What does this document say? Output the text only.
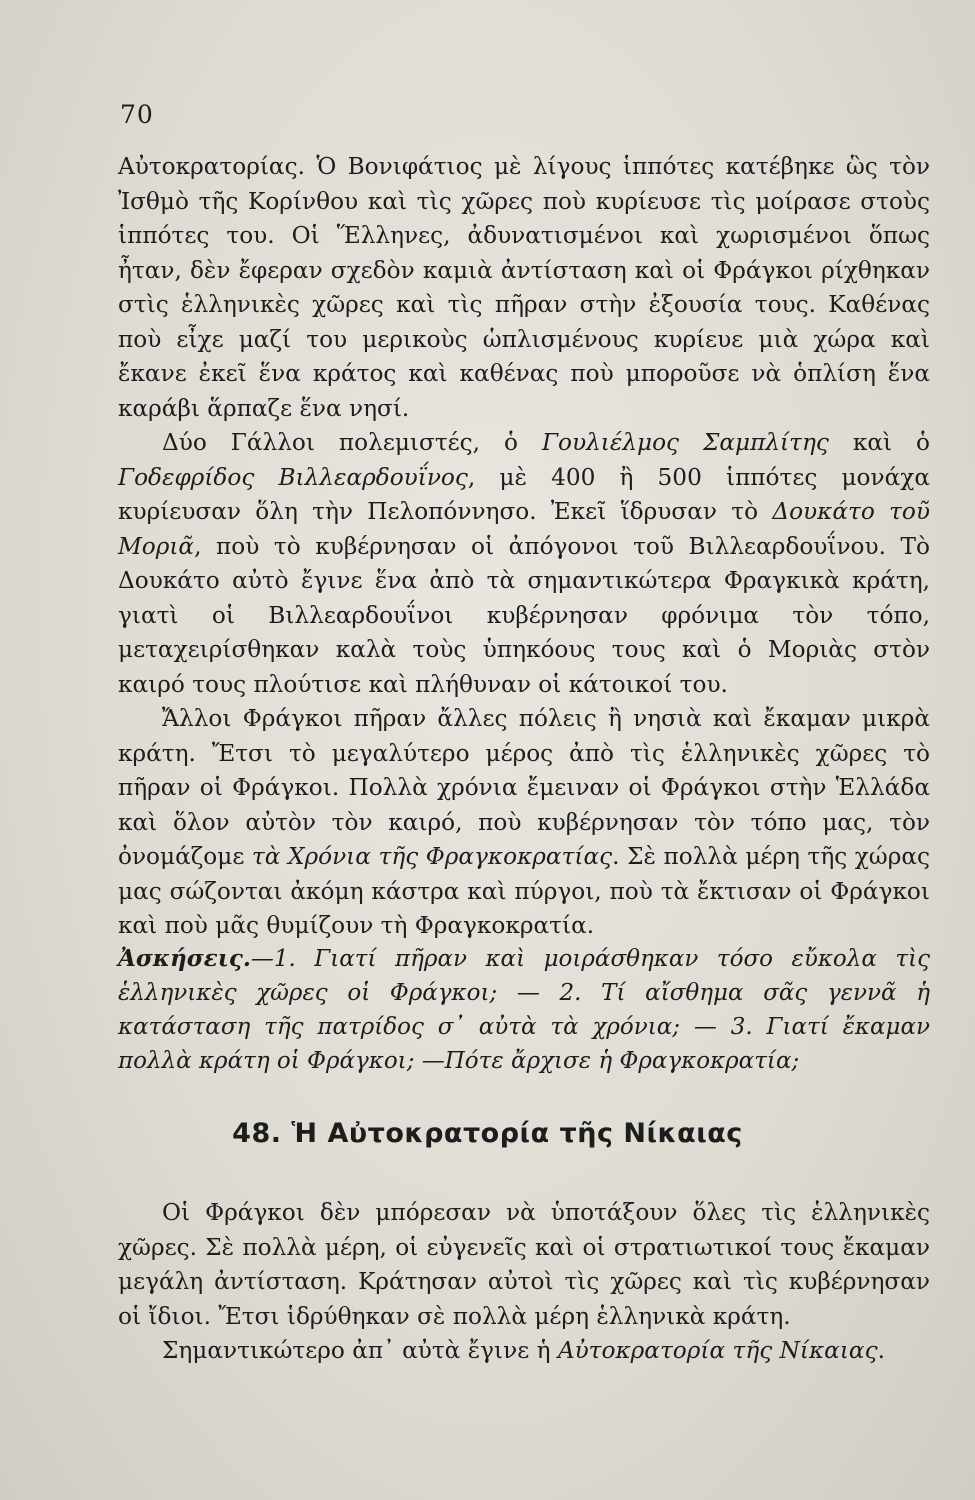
70

Αὐτοκρατορίας. Ὁ Βονιφάτιος μὲ λίγους ἱππότες κατέβηκε ὣς τὸν Ἰσθμὸ τῆς Κορίνθου καὶ τὶς χῶρες ποὺ κυρίευσε τὶς μοίρασε στοὺς ἱππότες του. Οἱ Ἕλληνες, ἀδυνατισμένοι καὶ χωρισμένοι ὅπως ἦταν, δὲν ἔφεραν σχεδὸν καμιὰ ἀντίσταση καὶ οἱ Φράγκοι ρίχθηκαν στὶς ἑλληνικὲς χῶρες καὶ τὶς πῆραν στὴν ἐξουσία τους. Καθένας ποὺ εἶχε μαζί του μερικοὺς ὡπλισμένους κυρίευε μιὰ χώρα καὶ ἔκανε ἐκεῖ ἕνα κράτος καὶ καθένας ποὺ μποροῦσε νὰ ὁπλίση ἕνα καράβι ἅρπαζε ἕνα νησί.

Δύο Γάλλοι πολεμιστές, ὁ Γουλιέλμος Σαμπλίτης καὶ ὁ Γοδεφρίδος Βιλλεαρδουΐνος, μὲ 400 ἢ 500 ἱππότες μονάχα κυρίευσαν ὅλη τὴν Πελοπόννησο. Ἐκεῖ ἵδρυσαν τὸ Δουκάτο τοῦ Μοριᾶ, ποὺ τὸ κυβέρνησαν οἱ ἀπόγονοι τοῦ Βιλλεαρδουΐνου. Τὸ Δουκάτο αὐτὸ ἔγινε ἕνα ἀπὸ τὰ σημαντικώτερα Φραγκικὰ κράτη, γιατὶ οἱ Βιλλεαρδουΐνοι κυβέρνησαν φρόνιμα τὸν τόπο, μεταχειρίσθηκαν καλὰ τοὺς ὑπηκόους τους καὶ ὁ Μοριὰς στὸν καιρό τους πλούτισε καὶ πλήθυναν οἱ κάτοικοί του.

Ἄλλοι Φράγκοι πῆραν ἄλλες πόλεις ἢ νησιὰ καὶ ἔκαμαν μικρὰ κράτη. Ἔτσι τὸ μεγαλύτερο μέρος ἀπὸ τὶς ἑλληνικὲς χῶρες τὸ πῆραν οἱ Φράγκοι. Πολλὰ χρόνια ἔμειναν οἱ Φράγκοι στὴν Ἑλλάδα καὶ ὅλον αὐτὸν τὸν καιρό, ποὺ κυβέρνησαν τὸν τόπο μας, τὸν ὀνομάζομε τὰ Χρόνια τῆς Φραγκοκρατίας. Σὲ πολλὰ μέρη τῆς χώρας μας σώζονται ἀκόμη κάστρα καὶ πύργοι, ποὺ τὰ ἔκτισαν οἱ Φράγκοι καὶ ποὺ μᾶς θυμίζουν τὴ Φραγκοκρατία.

Ἀσκήσεις.—1. Γιατί πῆραν καὶ μοιράσθηκαν τόσο εὔκολα τὶς ἑλληνικὲς χῶρες οἱ Φράγκοι; — 2. Τί αἴσθημα σᾶς γεννᾶ ἡ κατάσταση τῆς πατρίδος σ᾽ αὐτὰ τὰ χρόνια; — 3. Γιατί ἔκαμαν πολλὰ κράτη οἱ Φράγκοι; —Πότε ἄρχισε ἡ Φραγκοκρατία;
48. Ἡ Αὐτοκρατορία τῆς Νίκαιας

Οἱ Φράγκοι δὲν μπόρεσαν νὰ ὑποτάξουν ὅλες τὶς ἑλληνικὲς χῶρες. Σὲ πολλὰ μέρη, οἱ εὐγενεῖς καὶ οἱ στρατιωτικοί τους ἔκαμαν μεγάλη ἀντίσταση. Κράτησαν αὐτοὶ τὶς χῶρες καὶ τὶς κυβέρνησαν οἱ ἴδιοι. Ἔτσι ἱδρύθηκαν σὲ πολλὰ μέρη ἑλληνικὰ κράτη.

Σημαντικώτερο ἀπ᾽ αὐτὰ ἔγινε ἡ Αὐτοκρατορία τῆς Νίκαιας.
